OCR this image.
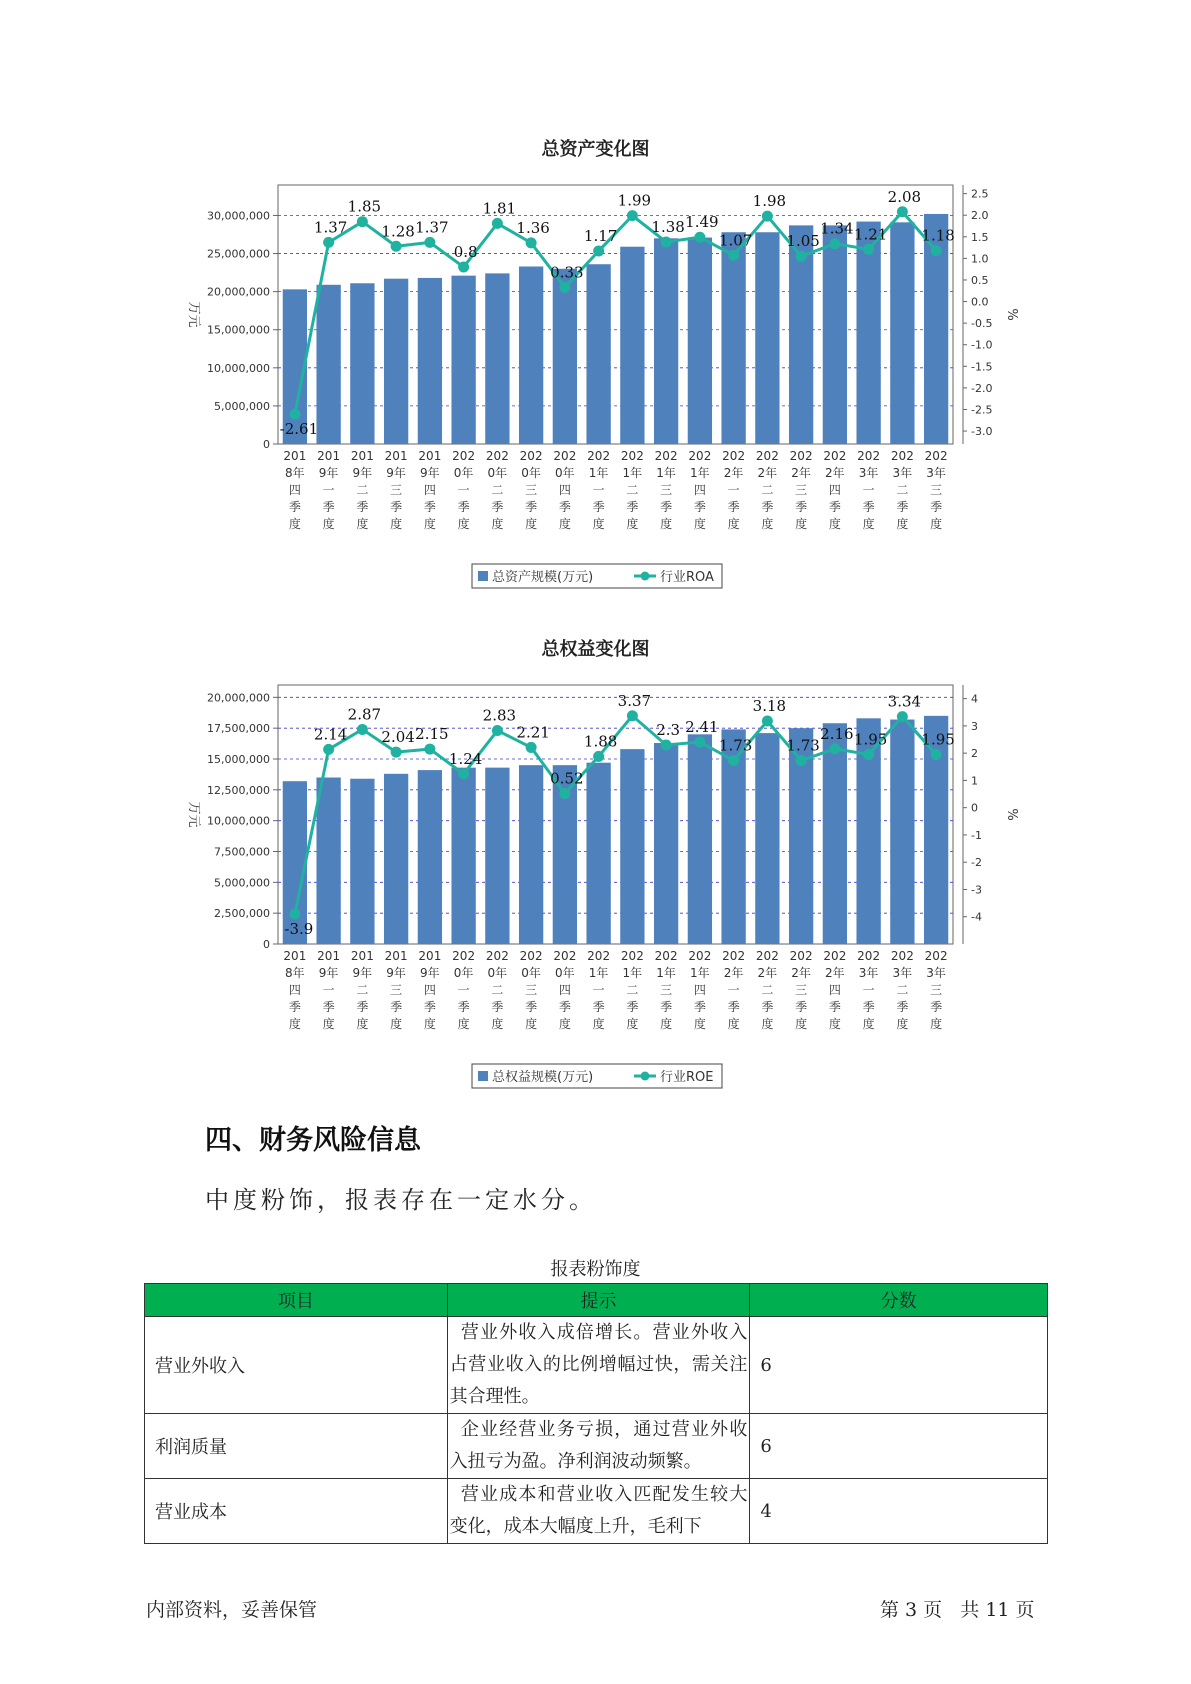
总资产变化图
0
5,000,000
10,000,000
15,000,000
20,000,000
25,000,000
30,000,000
万元
-3.0
-2.5
-2.0
-1.5
-1.0
-0.5
0.0
0.5
1.0
1.5
2.0
2.5
%
-2.61
1.37
1.85
1.28 1.37
0.8
1.81
1.36
0.33
1.17
1.99
1.38 1.49
1.07
1.98
1.05
1.34 1.21
2.08
1.18
201 8年四季度
201 9年一季度
201 9年二季度
201 9年三季度
201 9年四季度
202 0年一季度
202 0年二季度
202 0年三季度
202 0年四季度
202 1年一季度
202 1年二季度
202 1年三季度
202 1年四季度
202 2年一季度
202 2年二季度
202 2年三季度
202 2年四季度
202 3年一季度
202 3年二季度
202 3年三季度
总资产规模(万元)	行业ROA
总权益变化图
0
2,500,000
5,000,000
7,500,000
10,000,000
12,500,000
15,000,000
17,500,000
20,000,000
万元
-4
-3
-2
-1
0
1
2
3
4
%
-3.9
2.14
2.87
2.04 2.15
1.24
2.83
2.21
0.52
1.88
3.37
2.3 2.41
1.73
3.18
1.73
2.16 1.95
3.34
1.95
201 8年四季度
201 9年一季度
201 9年二季度
201 9年三季度
201 9年四季度
202 0年一季度
202 0年二季度
202 0年三季度
202 0年四季度
202 1年一季度
202 1年二季度
202 1年三季度
202 1年四季度
202 2年一季度
202 2年二季度
202 2年三季度
202 2年四季度
202 3年一季度
202 3年二季度
202 3年三季度
总权益规模(万元)	行业ROE
四、财务风险信息

中度粉饰，报表存在一定水分。

报表粉饰度
项目	提示	分数
营业外收入	营业外收入成倍增长。营业外收入占营业收入的比例增幅过快，需关注其合理性。	6
利润质量	企业经营业务亏损，通过营业外收入扭亏为盈。净利润波动频繁。	6
营业成本	营业成本和营业收入匹配发生较大变化，成本大幅度上升，毛利下	4
内部资料，妥善保管	第 3 页   共 11 页
